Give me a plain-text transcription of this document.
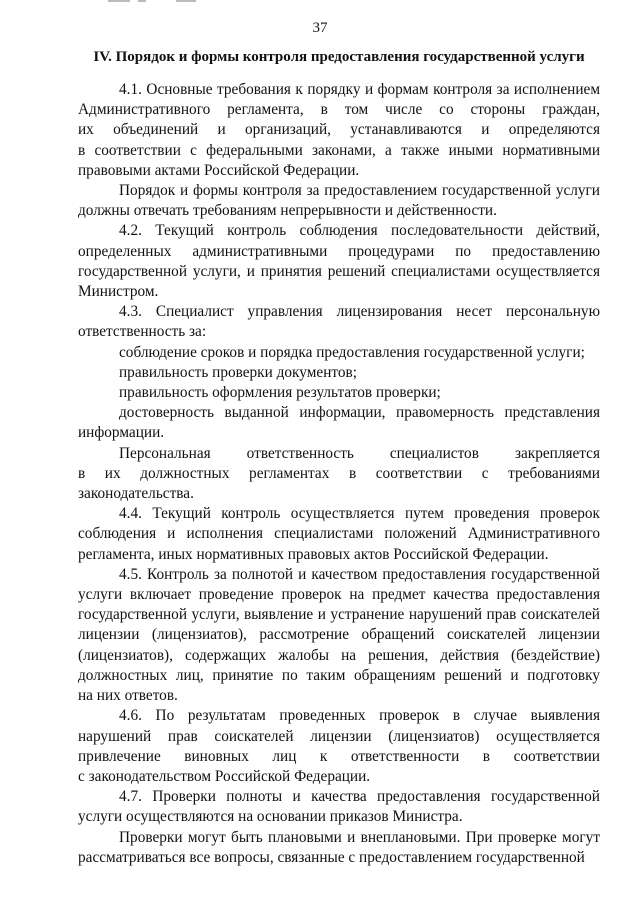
37
IV. Порядок и формы контроля предоставления государственной услуги
4.1. Основные требования к порядку и формам контроля за исполнением
Административного регламента, в том числе со стороны граждан,
их объединений и организаций, устанавливаются и определяются
в соответствии с федеральными законами, а также иными нормативными
правовыми актами Российской Федерации.
Порядок и формы контроля за предоставлением государственной услуги
должны отвечать требованиям непрерывности и действенности.
4.2. Текущий контроль соблюдения последовательности действий,
определенных административными процедурами по предоставлению
государственной услуги, и принятия решений специалистами осуществляется
Министром.
4.3. Специалист управления лицензирования несет персональную
ответственность за:
соблюдение сроков и порядка предоставления государственной услуги;
правильность проверки документов;
правильность оформления результатов проверки;
достоверность выданной информации, правомерность представления
информации.
Персональная ответственность специалистов закрепляется
в их должностных регламентах в соответствии с требованиями
законодательства.
4.4. Текущий контроль осуществляется путем проведения проверок
соблюдения и исполнения специалистами положений Административного
регламента, иных нормативных правовых актов Российской Федерации.
4.5. Контроль за полнотой и качеством предоставления государственной
услуги включает проведение проверок на предмет качества предоставления
государственной услуги, выявление и устранение нарушений прав соискателей
лицензии (лицензиатов), рассмотрение обращений соискателей лицензии
(лицензиатов), содержащих жалобы на решения, действия (бездействие)
должностных лиц, принятие по таким обращениям решений и подготовку
на них ответов.
4.6. По результатам проведенных проверок в случае выявления
нарушений прав соискателей лицензии (лицензиатов) осуществляется
привлечение виновных лиц к ответственности в соответствии
с законодательством Российской Федерации.
4.7. Проверки полноты и качества предоставления государственной
услуги осуществляются на основании приказов Министра.
Проверки могут быть плановыми и внеплановыми. При проверке могут
рассматриваться все вопросы, связанные с предоставлением государственной
